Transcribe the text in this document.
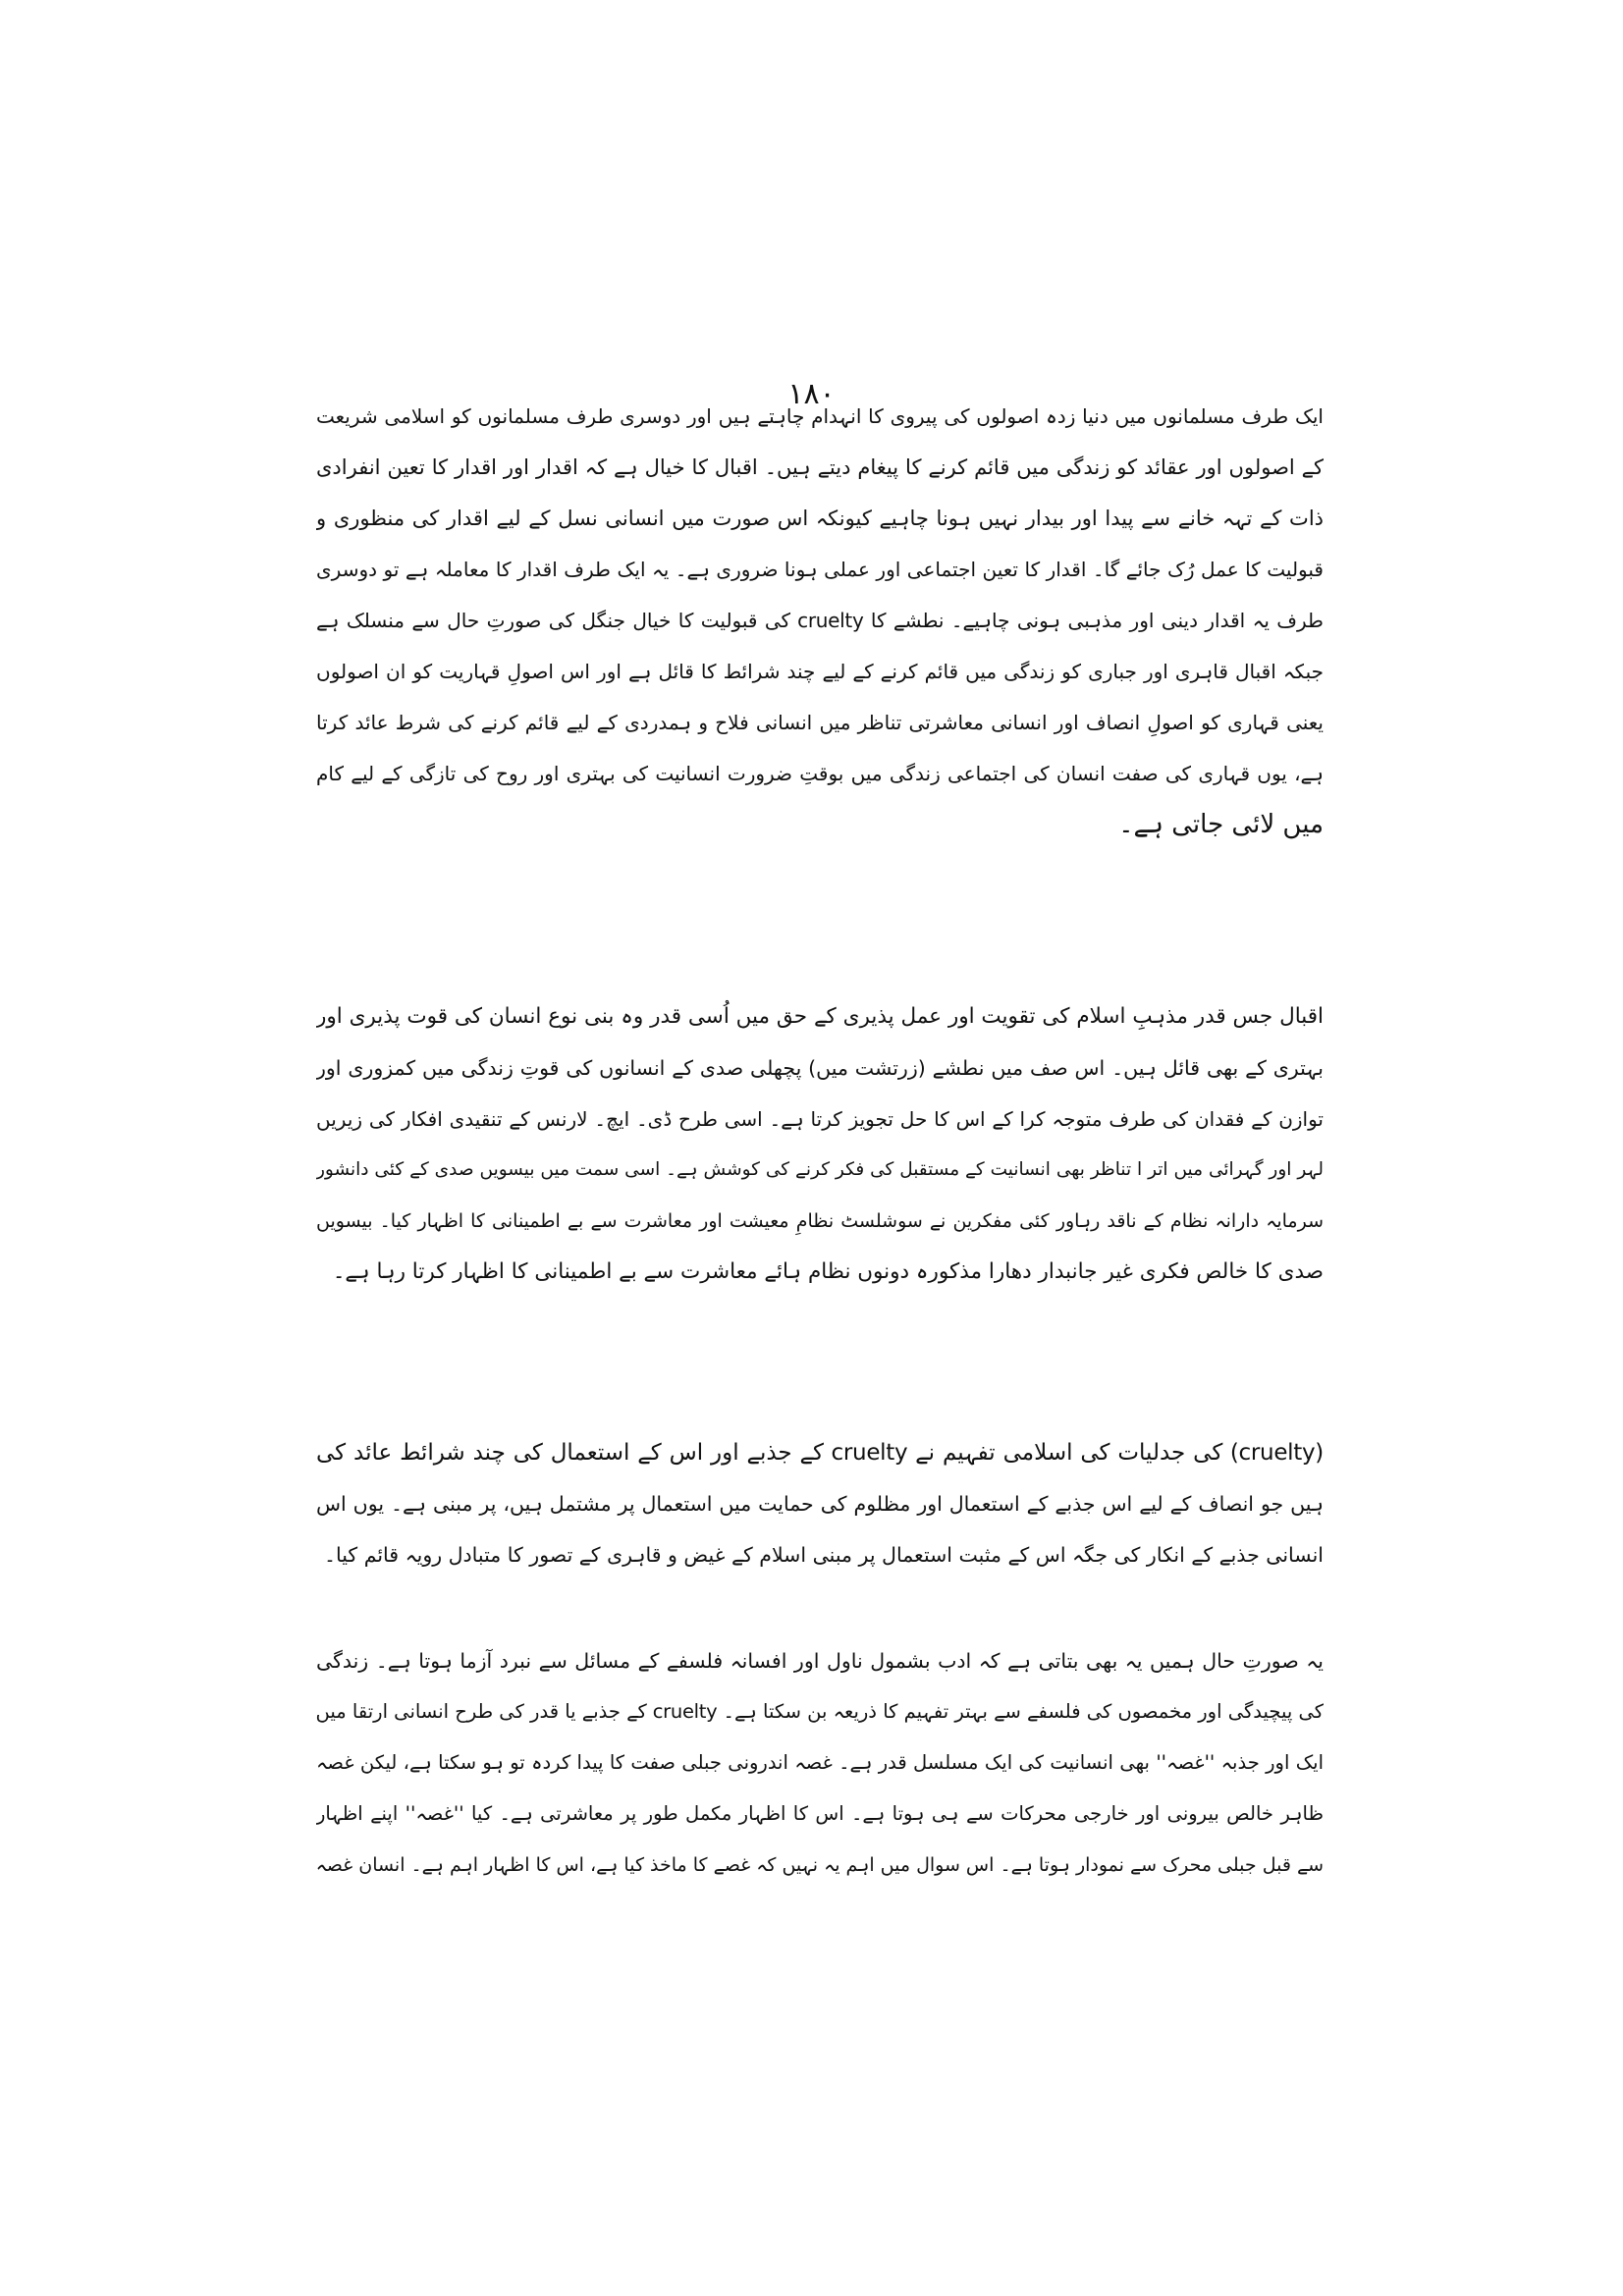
۱۸۰
ایک طرف مسلمانوں میں دنیا زدہ اصولوں کی پیروی کا انہدام چاہتے ہیں اور دوسری طرف مسلمانوں کو اسلامی شریعت
کے اصولوں اور عقائد کو زندگی میں قائم کرنے کا پیغام دیتے ہیں۔ اقبال کا خیال ہے کہ اقدار اور اقدار کا تعین انفرادی
ذات کے تہہ خانے سے پیدا اور بیدار نہیں ہونا چاہیے کیونکہ اس صورت میں انسانی نسل کے لیے اقدار کی منظوری و
قبولیت کا عمل رُک جائے گا۔ اقدار کا تعین اجتماعی اور عملی ہونا ضروری ہے۔ یہ ایک طرف اقدار کا معاملہ ہے تو دوسری
طرف یہ اقدار دینی اور مذہبی ہونی چاہیے۔ نطشے کا cruelty کی قبولیت کا خیال جنگل کی صورتِ حال سے منسلک ہے
جبکہ اقبال قاہری اور جباری کو زندگی میں قائم کرنے کے لیے چند شرائط کا قائل ہے اور اس اصولِ قہاریت کو ان اصولوں
یعنی قہاری کو اصولِ انصاف اور انسانی معاشرتی تناظر میں انسانی فلاح و ہمدردی کے لیے قائم کرنے کی شرط عائد کرتا
ہے، یوں قہاری کی صفت انسان کی اجتماعی زندگی میں بوقتِ ضرورت انسانیت کی بہتری اور روح کی تازگی کے لیے کام
میں لائی جاتی ہے۔
اقبال جس قدر مذہبِ اسلام کی تقویت اور عمل پذیری کے حق میں اُسی قدر وہ بنی نوع انسان کی قوت پذیری اور
بہتری کے بھی قائل ہیں۔ اس صف میں نطشے (زرتشت میں) پچھلی صدی کے انسانوں کی قوتِ زندگی میں کمزوری اور
توازن کے فقدان کی طرف متوجہ کرا کے اس کا حل تجویز کرتا ہے۔ اسی طرح ڈی۔ ایچ۔ لارنس کے تنقیدی افکار کی زیریں
لہر اور گہرائی میں اتر ا تناظر بھی انسانیت کے مستقبل کی فکر کرنے کی کوشش ہے۔ اسی سمت میں بیسویں صدی کے کئی دانشور
سرمایہ دارانہ نظام کے ناقد رہاور کئی مفکرین نے سوشلسٹ نظامِ معیشت اور معاشرت سے بے اطمینانی کا اظہار کیا۔ بیسویں
صدی کا خالص فکری غیر جانبدار دھارا مذکورہ دونوں نظام ہائے معاشرت سے بے اطمینانی کا اظہار کرتا رہا ہے۔
(cruelty) کی جدلیات کی اسلامی تفہیم نے cruelty کے جذبے اور اس کے استعمال کی چند شرائط عائد کی
ہیں جو انصاف کے لیے اس جذبے کے استعمال اور مظلوم کی حمایت میں استعمال پر مشتمل ہیں، پر مبنی ہے۔ یوں اس
انسانی جذبے کے انکار کی جگہ اس کے مثبت استعمال پر مبنی اسلام کے غیض و قاہری کے تصور کا متبادل رویہ قائم کیا۔
یہ صورتِ حال ہمیں یہ بھی بتاتی ہے کہ ادب بشمول ناول اور افسانہ فلسفے کے مسائل سے نبرد آزما ہوتا ہے۔ زندگی
کی پیچیدگی اور مخمصوں کی فلسفے سے بہتر تفہیم کا ذریعہ بن سکتا ہے۔ cruelty کے جذبے یا قدر کی طرح انسانی ارتقا میں
ایک اور جذبہ ''غصہ'' بھی انسانیت کی ایک مسلسل قدر ہے۔ غصہ اندرونی جبلی صفت کا پیدا کردہ تو ہو سکتا ہے، لیکن غصہ
ظاہر خالص بیرونی اور خارجی محرکات سے ہی ہوتا ہے۔ اس کا اظہار مکمل طور پر معاشرتی ہے۔ کیا ''غصہ'' اپنے اظہار
سے قبل جبلی محرک سے نمودار ہوتا ہے۔ اس سوال میں اہم یہ نہیں کہ غصے کا ماخذ کیا ہے، اس کا اظہار اہم ہے۔ انسان غصہ
